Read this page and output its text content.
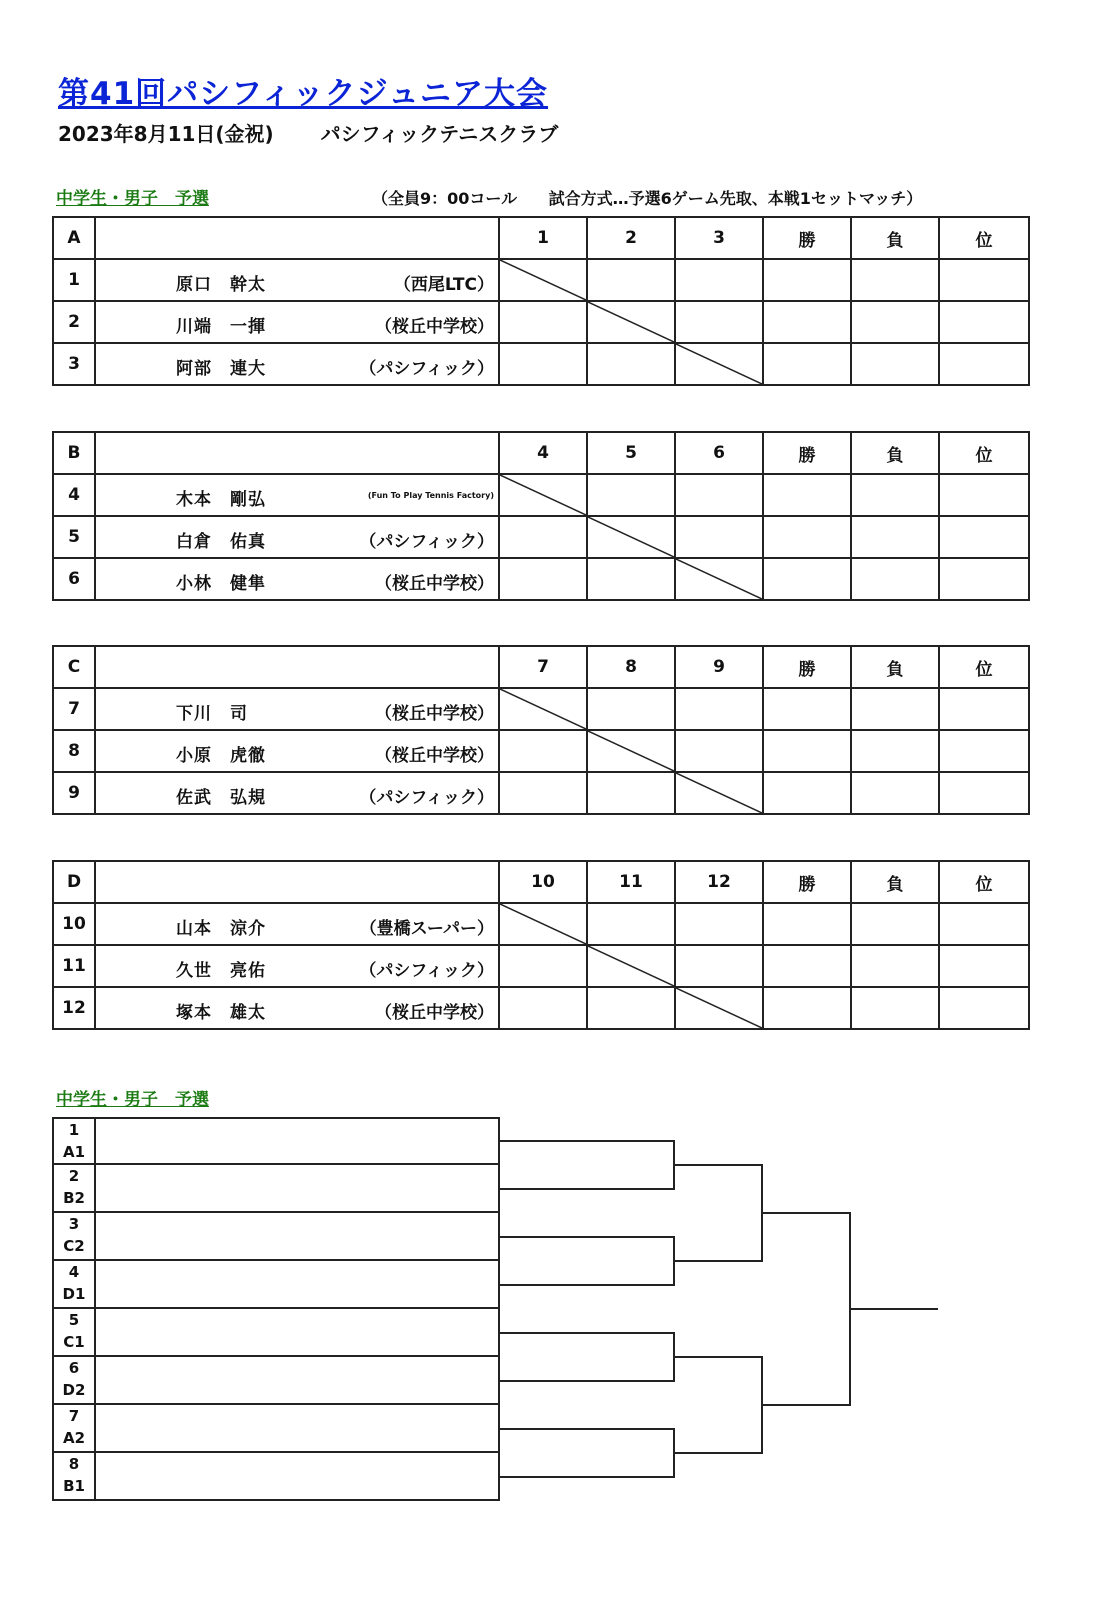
第41回パシフィックジュニア大会
2023年8月11日(金祝) パシフィックテニスクラブ
中学生・男子　予選	（全員9：00コール 試合方式…予選6ゲーム先取、本戦1セットマッチ）
A		1	2	3	勝	負	位
1	原口　幹太 （西尾LTC）						

2	川端　一揮 （桜丘中学校）						

3	阿部　連大 （パシフィック）						

B		4	5	6	勝	負	位
4	木本　剛弘 (Fun To Play Tennis Factory)						

5	白倉　佑真 （パシフィック）						

6	小林　健隼 （桜丘中学校）						

C		7	8	9	勝	負	位
7	下川　司 （桜丘中学校）						

8	小原　虎徹 （桜丘中学校）						

9	佐武　弘規 （パシフィック）						

D		10	11	12	勝	負	位
10	山本　涼介 （豊橋スーパー）						

11	久世　亮佑 （パシフィック）						

12	塚本　雄太 （桜丘中学校）						

中学生・男子　予選
1
A1
2
B2
3
C2
4
D1
5
C1
6
D2
7
A2
8
B1
